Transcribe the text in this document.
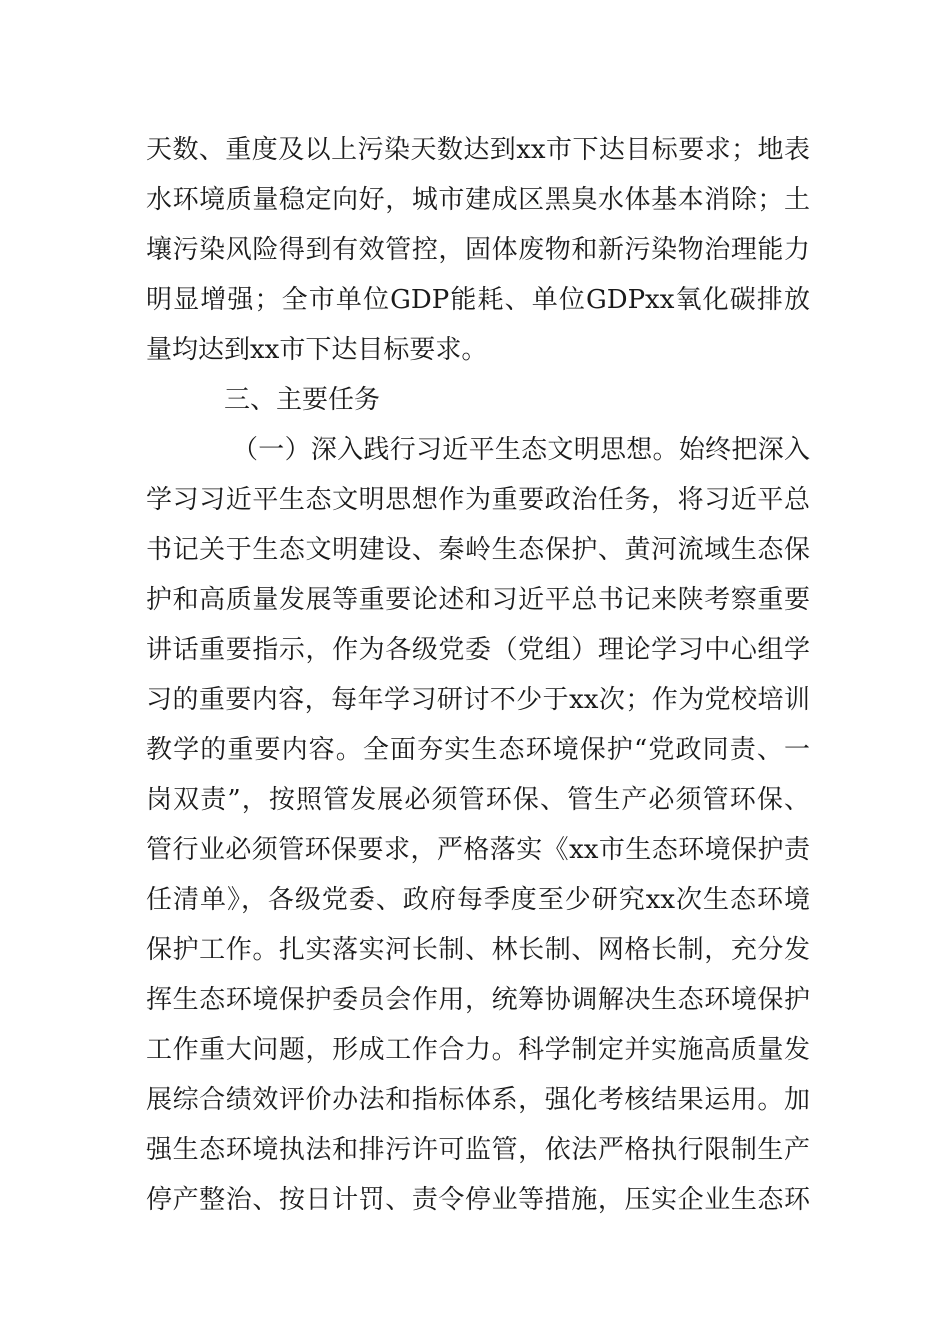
天数、重度及以上污染天数达到xx市下达目标要求；地表
水环境质量稳定向好，城市建成区黑臭水体基本消除；土
壤污染风险得到有效管控，固体废物和新污染物治理能力
明显增强；全市单位GDP能耗、单位GDPxx氧化碳排放
量均达到xx市下达目标要求。
三、主要任务
（一）深入践行习近平生态文明思想。始终把深入
学习习近平生态文明思想作为重要政治任务，将习近平总
书记关于生态文明建设、秦岭生态保护、黄河流域生态保
护和高质量发展等重要论述和习近平总书记来陕考察重要
讲话重要指示，作为各级党委（党组）理论学习中心组学
习的重要内容，每年学习研讨不少于xx次；作为党校培训
教学的重要内容。全面夯实生态环境保护“党政同责、一
岗双责”，按照管发展必须管环保、管生产必须管环保、
管行业必须管环保要求，严格落实《xx市生态环境保护责
任清单》，各级党委、政府每季度至少研究xx次生态环境
保护工作。扎实落实河长制、林长制、网格长制，充分发
挥生态环境保护委员会作用，统筹协调解决生态环境保护
工作重大问题，形成工作合力。科学制定并实施高质量发
展综合绩效评价办法和指标体系，强化考核结果运用。加
强生态环境执法和排污许可监管，依法严格执行限制生产
停产整治、按日计罚、责令停业等措施，压实企业生态环
